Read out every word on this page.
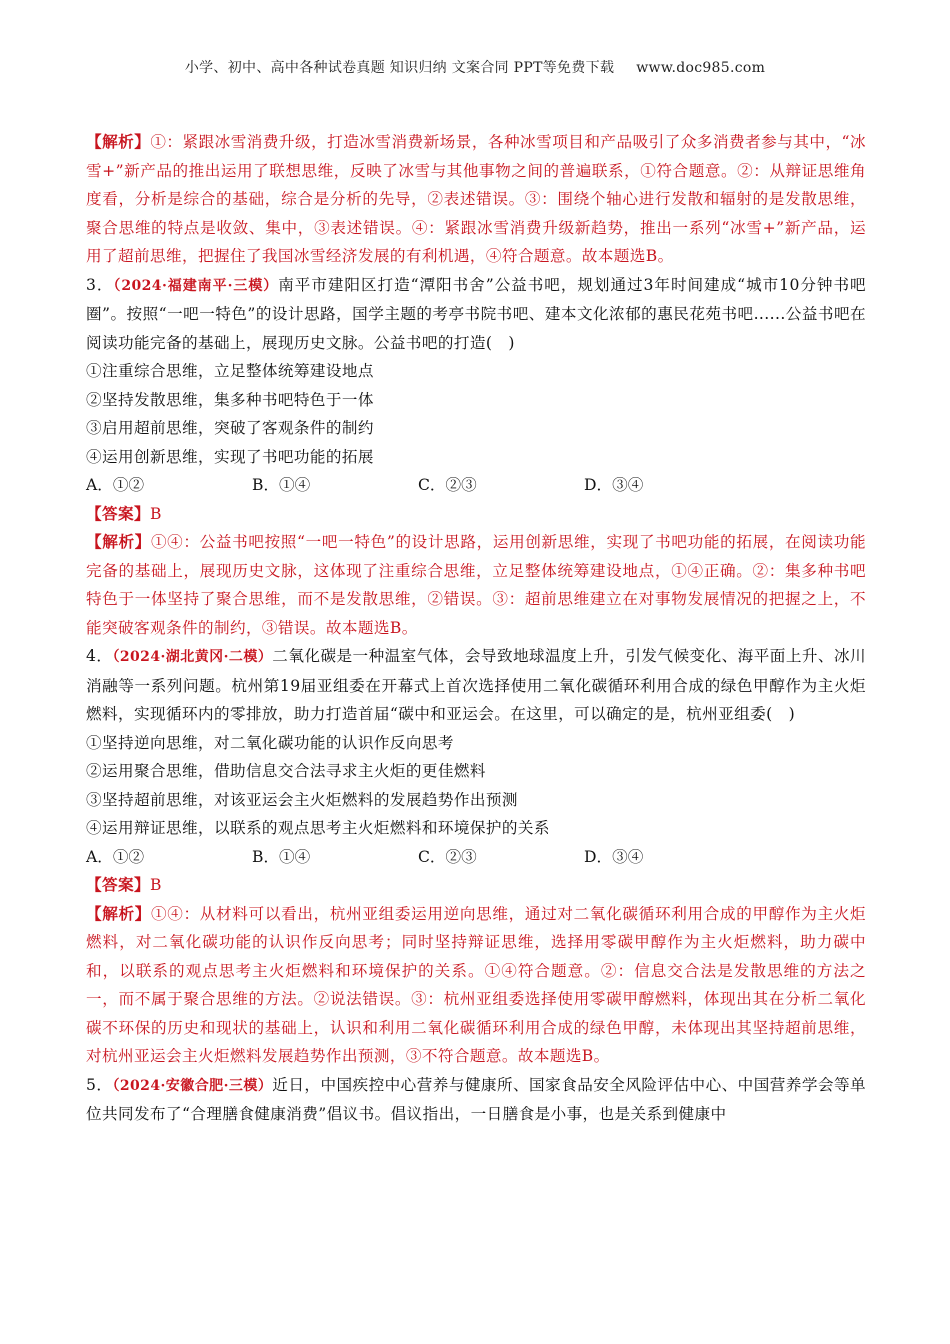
小学、初中、高中各种试卷真题 知识归纳 文案合同 PPT等免费下载 www.doc985.com

【解析】①：紧跟冰雪消费升级，打造冰雪消费新场景，各种冰雪项目和产品吸引了众多消费者参与其中，“冰雪+”新产品的推出运用了联想思维，反映了冰雪与其他事物之间的普遍联系，①符合题意。②：从辩证思维角度看，分析是综合的基础，综合是分析的先导，②表述错误。③：围绕个轴心进行发散和辐射的是发散思维，聚合思维的特点是收敛、集中，③表述错误。④：紧跟冰雪消费升级新趋势，推出一系列“冰雪+”新产品，运用了超前思维，把握住了我国冰雪经济发展的有利机遇，④符合题意。故本题选B。

3．（2024·福建南平·三模）南平市建阳区打造“潭阳书舍”公益书吧，规划通过3年时间建成“城市10分钟书吧圈”。按照“一吧一特色”的设计思路，国学主题的考亭书院书吧、建本文化浓郁的惠民花苑书吧......公益书吧在阅读功能完备的基础上，展现历史文脉。公益书吧的打造(　)

①注重综合思维，立足整体统筹建设地点

②坚持发散思维，集多种书吧特色于一体

③启用超前思维，突破了客观条件的制约

④运用创新思维，实现了书吧功能的拓展

A．①②	B．①④	C．②③	D．③④

【答案】B

【解析】①④：公益书吧按照“一吧一特色”的设计思路，运用创新思维，实现了书吧功能的拓展，在阅读功能完备的基础上，展现历史文脉，这体现了注重综合思维，立足整体统筹建设地点，①④正确。②：集多种书吧特色于一体坚持了聚合思维，而不是发散思维，②错误。③：超前思维建立在对事物发展情况的把握之上，不能突破客观条件的制约，③错误。故本题选B。

4．（2024·湖北黄冈·二模）二氧化碳是一种温室气体，会导致地球温度上升，引发气候变化、海平面上升、冰川消融等一系列问题。杭州第19届亚组委在开幕式上首次选择使用二氧化碳循环利用合成的绿色甲醇作为主火炬燃料，实现循环内的零排放，助力打造首届“碳中和亚运会。在这里，可以确定的是，杭州亚组委(　)

①坚持逆向思维，对二氧化碳功能的认识作反向思考

②运用聚合思维，借助信息交合法寻求主火炬的更佳燃料

③坚持超前思维，对该亚运会主火炬燃料的发展趋势作出预测

④运用辩证思维，以联系的观点思考主火炬燃料和环境保护的关系

A．①②	B．①④	C．②③	D．③④

【答案】B

【解析】①④：从材料可以看出，杭州亚组委运用逆向思维，通过对二氧化碳循环利用合成的甲醇作为主火炬燃料，对二氧化碳功能的认识作反向思考；同时坚持辩证思维，选择用零碳甲醇作为主火炬燃料，助力碳中和，以联系的观点思考主火炬燃料和环境保护的关系。①④符合题意。②：信息交合法是发散思维的方法之一，而不属于聚合思维的方法。②说法错误。③：杭州亚组委选择使用零碳甲醇燃料，体现出其在分析二氧化碳不环保的历史和现状的基础上，认识和利用二氧化碳循环利用合成的绿色甲醇，未体现出其坚持超前思维，对杭州亚运会主火炬燃料发展趋势作出预测，③不符合题意。故本题选B。

5．（2024·安徽合肥·三模）近日，中国疾控中心营养与健康所、国家食品安全风险评估中心、中国营养学会等单位共同发布了“合理膳食健康消费”倡议书。倡议指出，一日膳食是小事，也是关系到健康中
